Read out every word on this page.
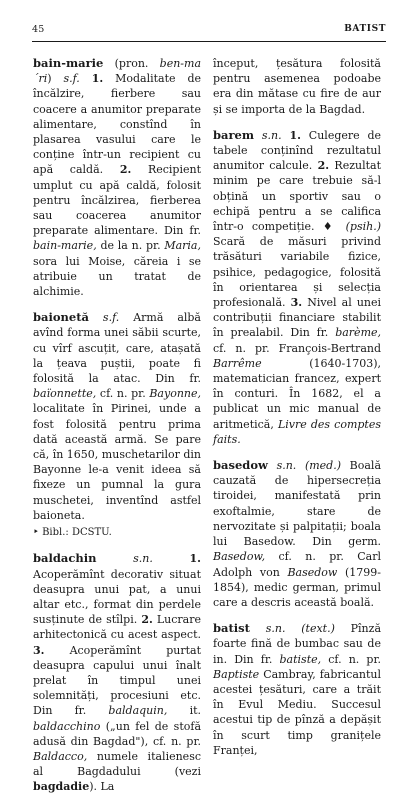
45	BATIST

bain-marie (pron. ben-ma´ri) s.f. 1. Modalitate de încălzire, fierbere sau coacere a anumitor preparate alimentare, constînd în plasarea vasului care le conține într-un recipient cu apă caldă. 2. Recipient umplut cu apă caldă, folosit pentru încălzirea, fierberea sau coacerea anumitor preparate alimentare. Din fr. bain-marie, de la n. pr. Maria, sora lui Moise, căreia i se atribuie un tratat de alchimie.

baionetă s.f. Armă albă avînd forma unei săbii scurte, cu vîrf ascuțit, care, atașată la țeava puștii, poate fi folosită la atac. Din fr. baïonnette, cf. n. pr. Bayonne, localitate în Pirinei, unde a fost folosită pentru prima dată această armă. Se pare că, în 1650, muschetarilor din Bayonne le-a venit ideea să fixeze un pumnal la gura muschetei, inventînd astfel baioneta.
‣ Bibl.: DCSTU.

baldachin	s.n.	1. Acoperămînt decorativ situat deasupra unui pat, a unui altar etc., format din perdele susținute de stîlpi. 2. Lucrare arhitectonică cu acest aspect. 3. Acoperămînt purtat deasupra capului unui înalt prelat în timpul unei solemnități, procesiuni etc. Din fr. baldaquin, it. baldacchino („un fel de stofă adusă din Bagdad"), cf. n. pr. Baldacco, numele italienesc al Bagdadului (vezi bagdadie). La

început, țesătura folosită pentru asemenea podoabe era din mătase cu fire de aur și se importa de la Bagdad.

barem s.n. 1. Culegere de tabele conținînd rezultatul anumitor calcule. 2. Rezultat minim pe care trebuie să-l obțină un sportiv sau o echipă pentru a se califica într-o competiție. ♦ (psih.) Scară de măsuri privind trăsături variabile fizice, psihice, pedagogice, folosită în orientarea și selecția profesională. 3. Nivel al unei contribuții financiare stabilit în prealabil. Din fr. barème, cf. n. pr. François-Bertrand Barrême	(1640-1703), matematician francez, expert în conturi. În 1682, el a publicat un mic manual de aritmetică, Livre des comptes faits.

basedow s.n. (med.) Boală cauzată de hipersecreția tiroidei, manifestată prin exoftalmie, stare de nervozitate și palpitații; boala lui Basedow. Din germ. Basedow, cf. n. pr. Carl Adolph von Basedow (1799-1854), medic german, primul care a descris această boală.

batist s.n. (text.) Pînză foarte fină de bumbac sau de in. Din fr. batiste, cf. n. pr. Baptiste Cambray, fabricantul acestei țesături, care a trăit în Evul Mediu. Succesul acestui tip de pînză a depășit în scurt timp granițele Franței,
